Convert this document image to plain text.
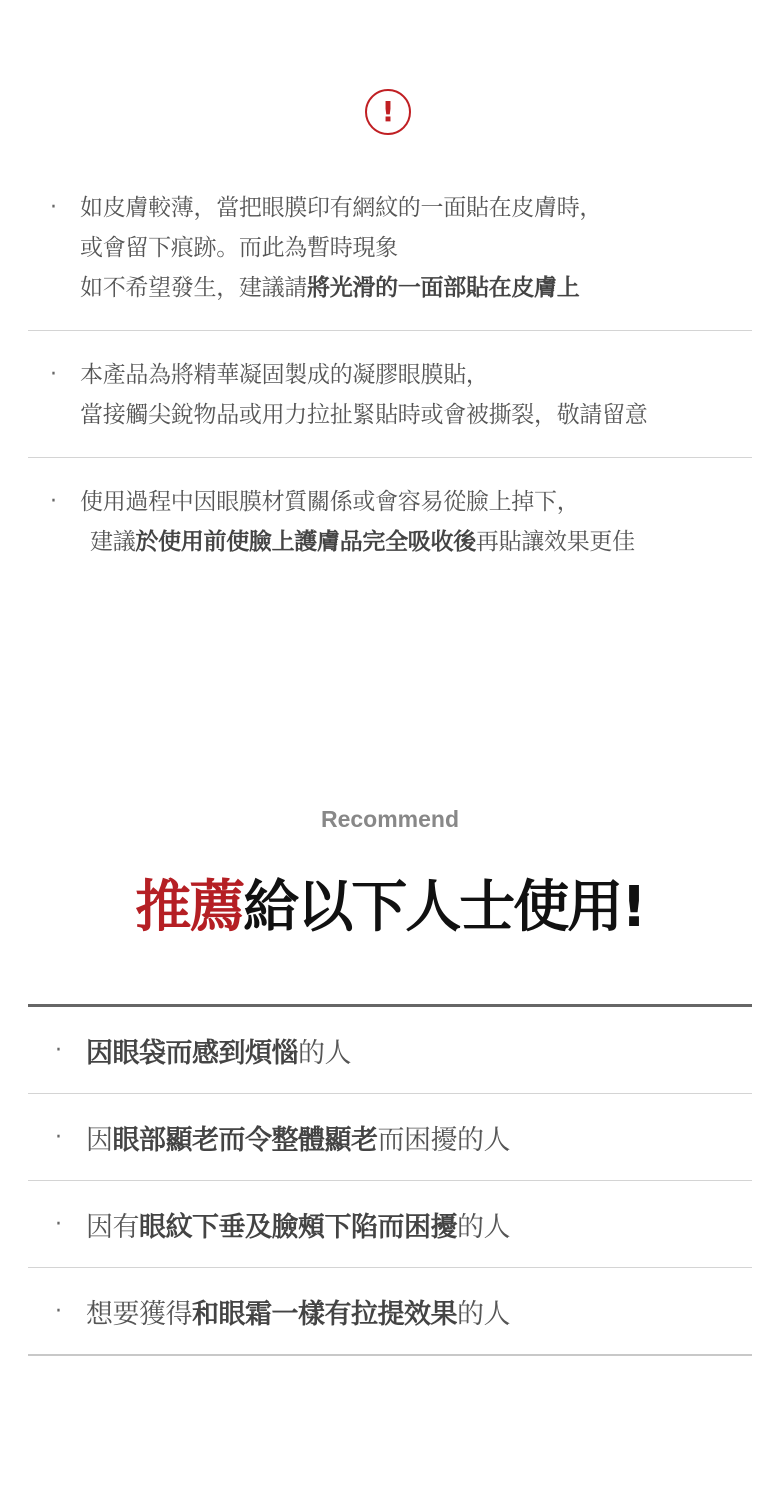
!
· 如皮膚較薄，當把眼膜印有網紋的一面貼在皮膚時，
或會留下痕跡。而此為暫時現象
如不希望發生，建議請將光滑的一面部貼在皮膚上
· 本產品為將精華凝固製成的凝膠眼膜貼，
當接觸尖銳物品或用力拉扯緊貼時或會被撕裂，敬請留意
· 使用過程中因眼膜材質關係或會容易從臉上掉下，
建議於使用前使臉上護膚品完全吸收後再貼讓效果更佳
Recommend
推薦給以下人士使用!
· 因眼袋而感到煩惱的人
· 因眼部顯老而令整體顯老而困擾的人
· 因有眼紋下垂及臉頰下陷而困擾的人
· 想要獲得和眼霜一樣有拉提效果的人
